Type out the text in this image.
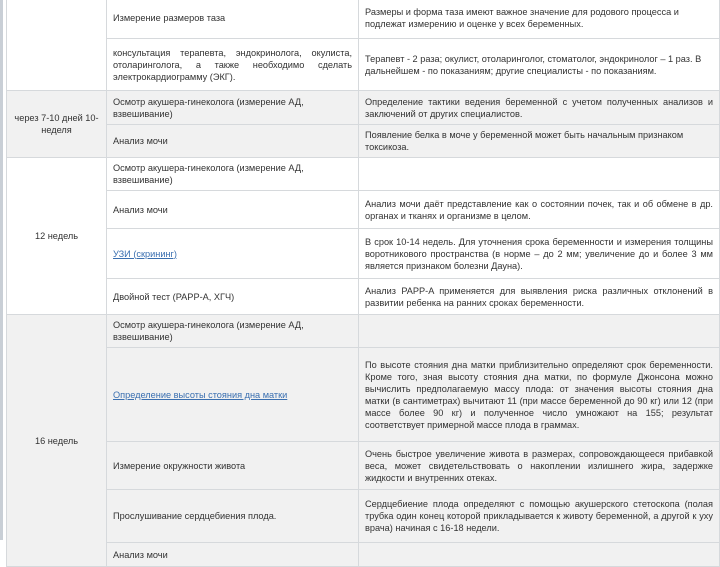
	Измерение размеров таза	Размеры и форма таза имеют важное значение для родового процесса и подлежат измерению и оценке у всех беременных.
	консультация терапевта, эндокринолога, окулиста, отоларинголога, а также необходимо сделать электрокардиограмму (ЭКГ).	Терапевт - 2 раза; окулист, отоларинголог, стоматолог, эндокринолог – 1 раз. В дальнейшем - по показаниям; другие специалисты - по показаниям.
через 7-10 дней 10-неделя	Осмотр акушера-гинеколога (измерение АД, взвешивание)	Определение тактики ведения беременной с учетом полученных анализов и заключений от других специалистов.
	Анализ мочи	Появление белка в моче у беременной может быть начальным признаком токсикоза.
12 недель	Осмотр акушера-гинеколога (измерение АД, взвешивание)	
	Анализ мочи	Анализ мочи даёт представление как о состоянии почек, так и об обмене в др. органах и тканях и организме в целом.
	УЗИ (скрининг)	В срок 10-14 недель. Для уточнения срока беременности и измерения толщины воротникового пространства (в норме – до 2 мм; увеличение до и более 3 мм является признаком болезни Дауна).
	Двойной тест (PAPP-A, ХГЧ)	Анализ PAPP-A применяется для выявления риска различных отклонений в развитии ребенка на ранних сроках беременности.
16 недель	Осмотр акушера-гинеколога (измерение АД, взвешивание)	
	Определение высоты стояния дна матки	По высоте стояния дна матки приблизительно определяют срок беременности. Кроме того, зная высоту стояния дна матки, по формуле Джонсона можно вычислить предполагаемую массу плода: от значения высоты стояния дна матки (в сантиметрах) вычитают 11 (при массе беременной до 90 кг) или 12 (при массе более 90 кг) и полученное число умножают на 155; результат соответствует примерной массе плода в граммах.
	Измерение окружности живота	Очень быстрое увеличение живота в размерах, сопровождающееся прибавкой веса, может свидетельствовать о накоплении излишнего жира, задержке жидкости и внутренних отеках.
	Прослушивание сердцебиения плода.	Сердцебиение плода определяют с помощью акушерского стетоскопа (полая трубка один конец которой прикладывается к животу беременной, а другой к уху врача) начиная с 16-18 недели.
	Анализ мочи	
